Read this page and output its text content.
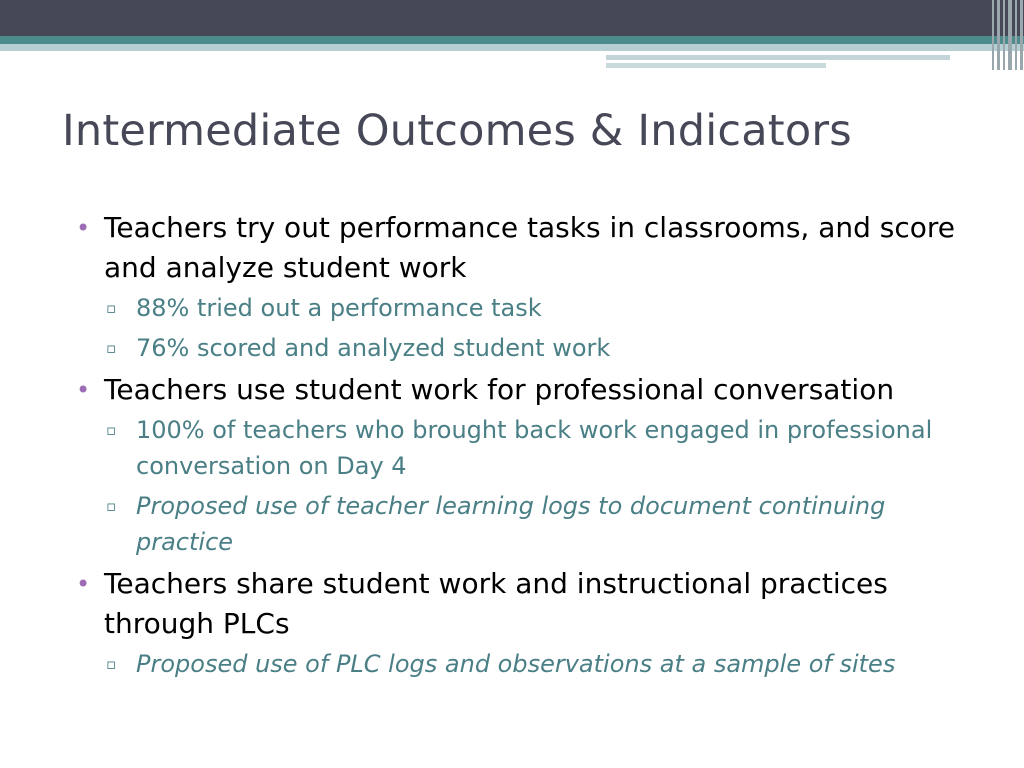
Intermediate Outcomes & Indicators
• Teachers try out performance tasks in classrooms, and score and analyze student work
▫ 88% tried out a performance task
▫ 76% scored and analyzed student work
• Teachers use student work for professional conversation
▫ 100% of teachers who brought back work engaged in professional conversation on Day 4
▫ Proposed use of teacher learning logs to document continuing practice
• Teachers share student work and instructional practices through PLCs
▫ Proposed use of PLC logs and observations at a sample of sites
